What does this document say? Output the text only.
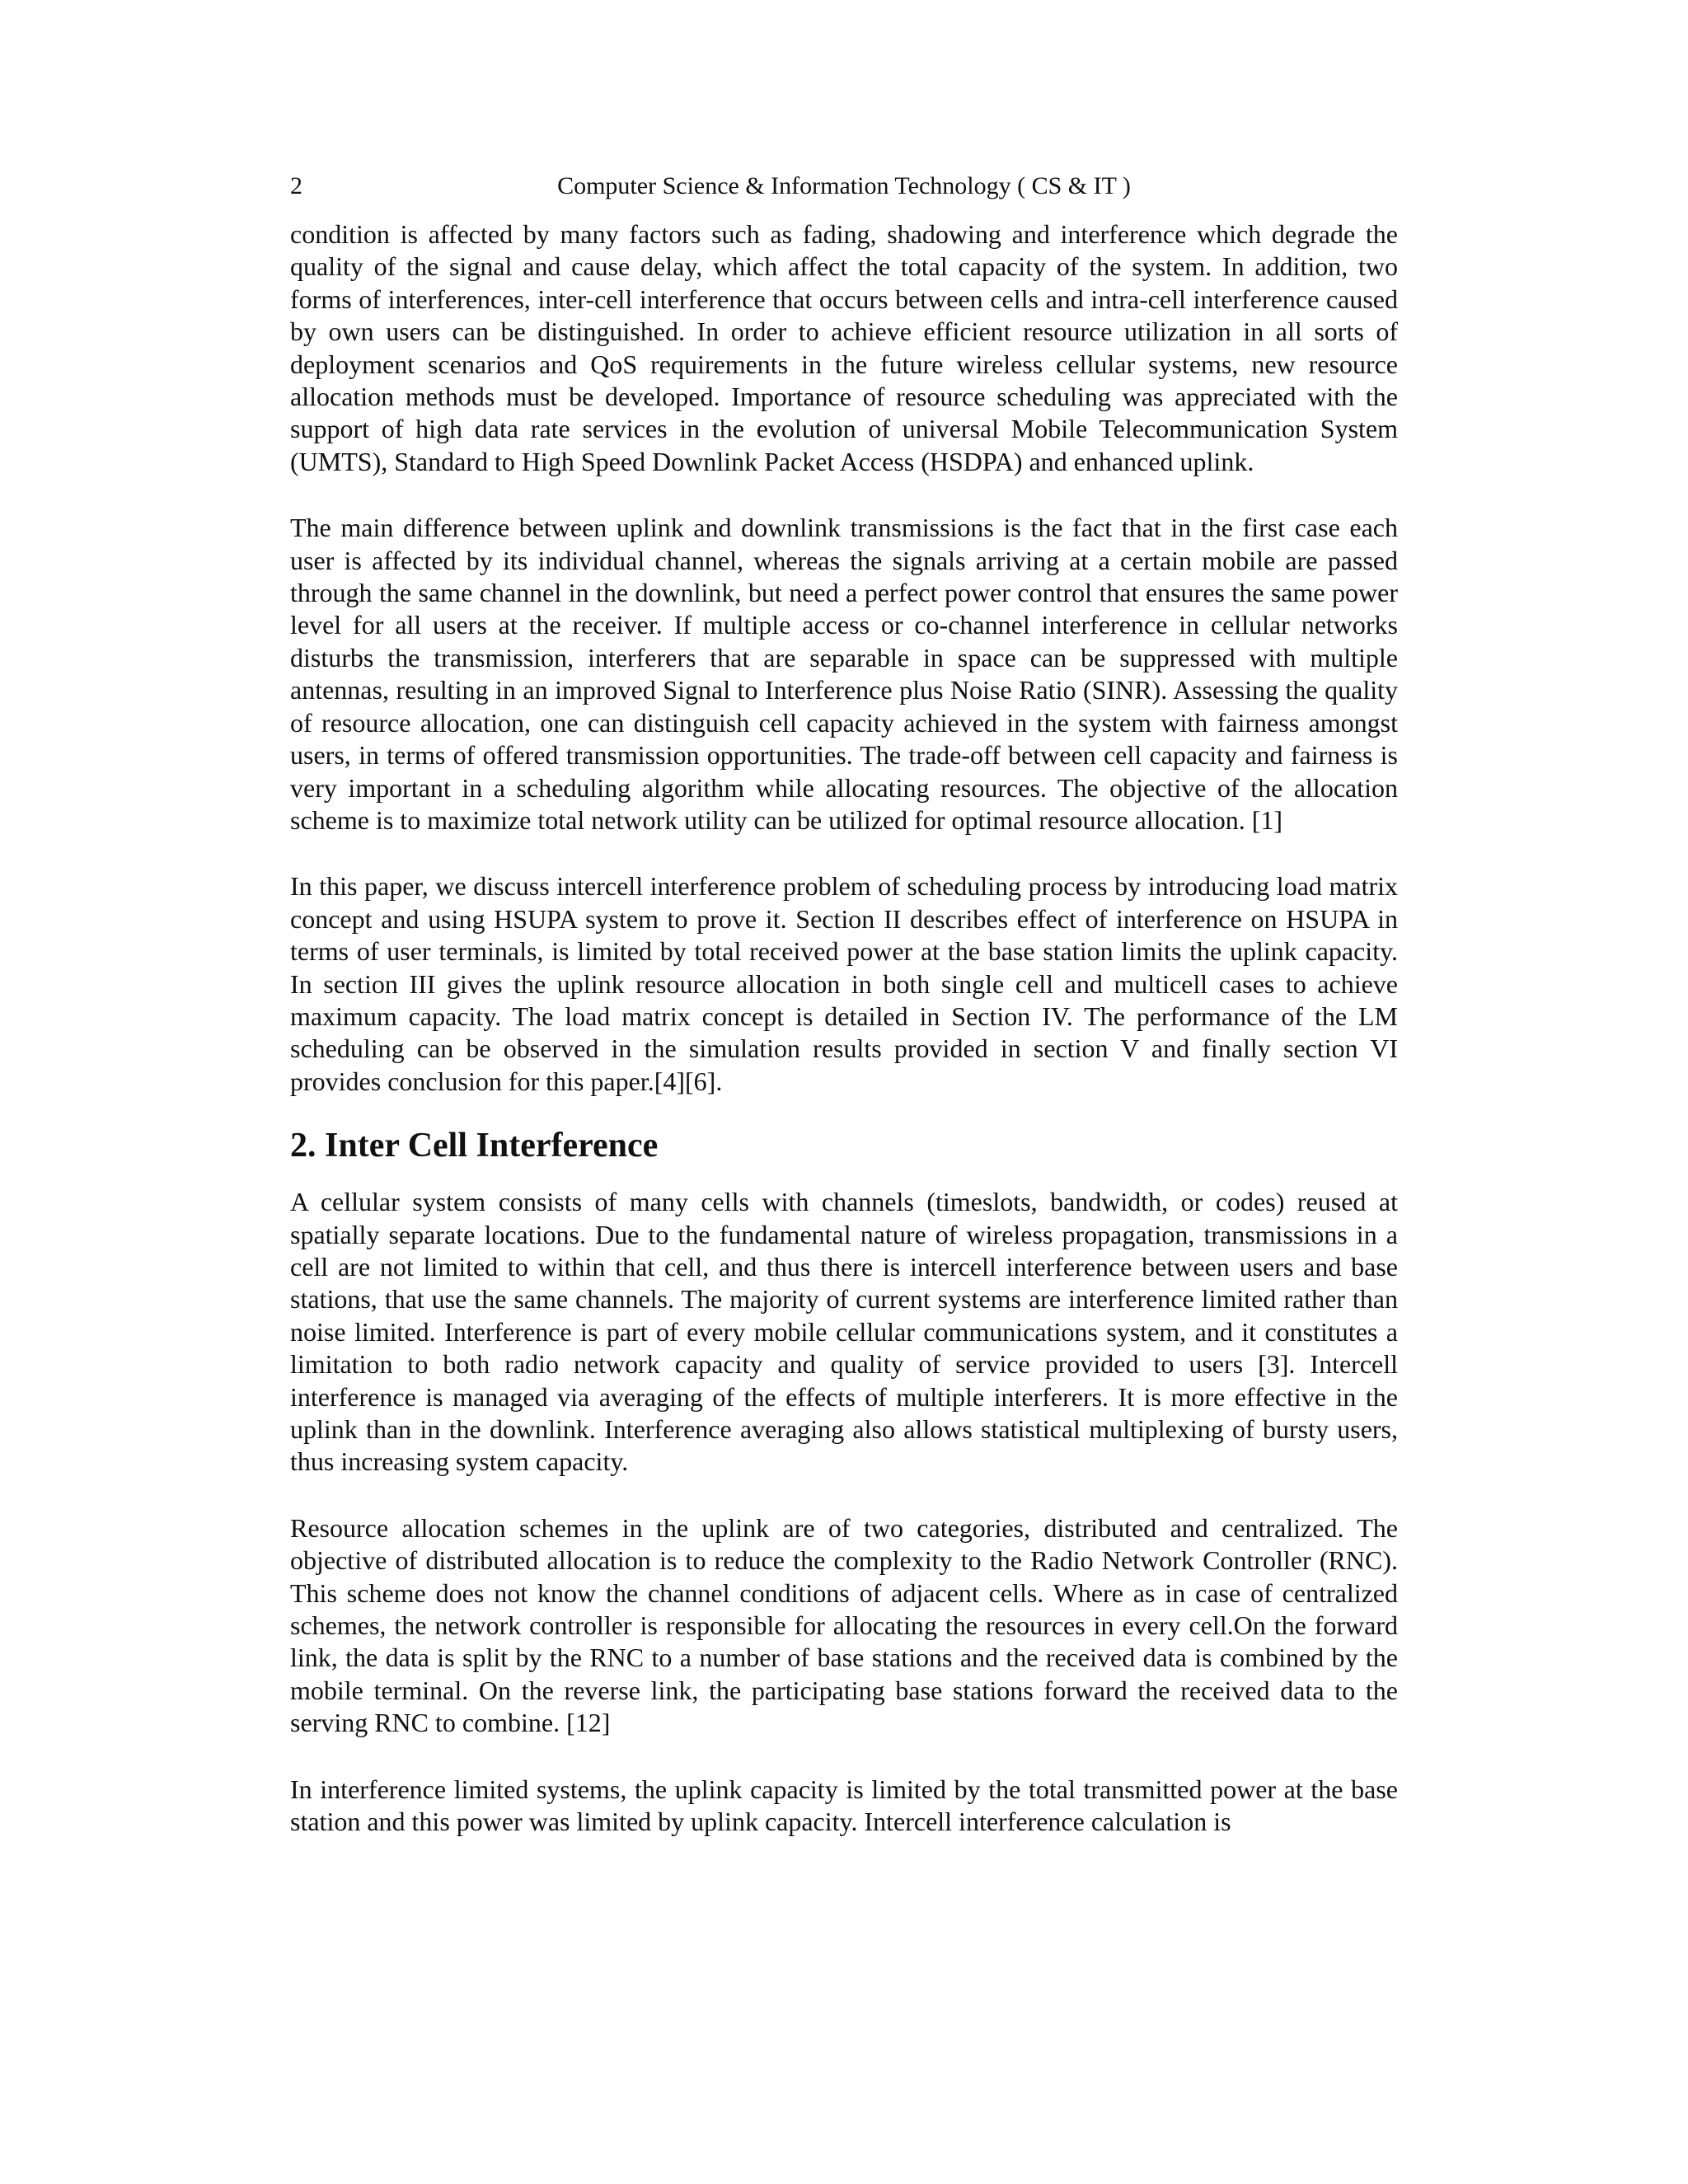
2	Computer Science & Information Technology ( CS & IT )

condition is affected by many factors such as fading, shadowing and interference which degrade the quality of the signal and cause delay, which affect the total capacity of the system. In addition, two forms of interferences, inter-cell interference that occurs between cells and intra-cell interference caused by own users can be distinguished. In order to achieve efficient resource utilization in all sorts of deployment scenarios and QoS requirements in the future wireless cellular systems, new resource allocation methods must be developed. Importance of resource scheduling was appreciated with the support of high data rate services in the evolution of universal Mobile Telecommunication System (UMTS), Standard to High Speed Downlink Packet Access (HSDPA) and enhanced uplink.

The main difference between uplink and downlink transmissions is the fact that in the first case each user is affected by its individual channel, whereas the signals arriving at a certain mobile are passed through the same channel in the downlink, but need a perfect power control that ensures the same power level for all users at the receiver. If multiple access or co-channel interference in cellular networks disturbs the transmission, interferers that are separable in space can be suppressed with multiple antennas, resulting in an improved Signal to Interference plus Noise Ratio (SINR). Assessing the quality of resource allocation, one can distinguish cell capacity achieved in the system with fairness amongst users, in terms of offered transmission opportunities. The trade-off between cell capacity and fairness is very important in a scheduling algorithm while allocating resources. The objective of the allocation scheme is to maximize total network utility can be utilized for optimal resource allocation. [1]

In this paper, we discuss intercell interference problem of scheduling process by introducing load matrix concept and using HSUPA system to prove it. Section II describes effect of interference on HSUPA in terms of user terminals, is limited by total received power at the base station limits the uplink capacity. In section III gives the uplink resource allocation in both single cell and multicell cases to achieve maximum capacity. The load matrix concept is detailed in Section IV. The performance of the LM scheduling can be observed in the simulation results provided in section V and finally section VI provides conclusion for this paper.[4][6].

2. Inter Cell Interference

A cellular system consists of many cells with channels (timeslots, bandwidth, or codes) reused at spatially separate locations. Due to the fundamental nature of wireless propagation, transmissions in a cell are not limited to within that cell, and thus there is intercell interference between users and base stations, that use the same channels. The majority of current systems are interference limited rather than noise limited. Interference is part of every mobile cellular communications system, and it constitutes a limitation to both radio network capacity and quality of service provided to users [3]. Intercell interference is managed via averaging of the effects of multiple interferers. It is more effective in the uplink than in the downlink. Interference averaging also allows statistical multiplexing of bursty users, thus increasing system capacity.

Resource allocation schemes in the uplink are of two categories, distributed and centralized. The objective of distributed allocation is to reduce the complexity to the Radio Network Controller (RNC). This scheme does not know the channel conditions of adjacent cells. Where as in case of centralized schemes, the network controller is responsible for allocating the resources in every cell.On the forward link, the data is split by the RNC to a number of base stations and the received data is combined by the mobile terminal. On the reverse link, the participating base stations forward the received data to the serving RNC to combine. [12]

In interference limited systems, the uplink capacity is limited by the total transmitted power at the base station and this power was limited by uplink capacity. Intercell interference calculation is
